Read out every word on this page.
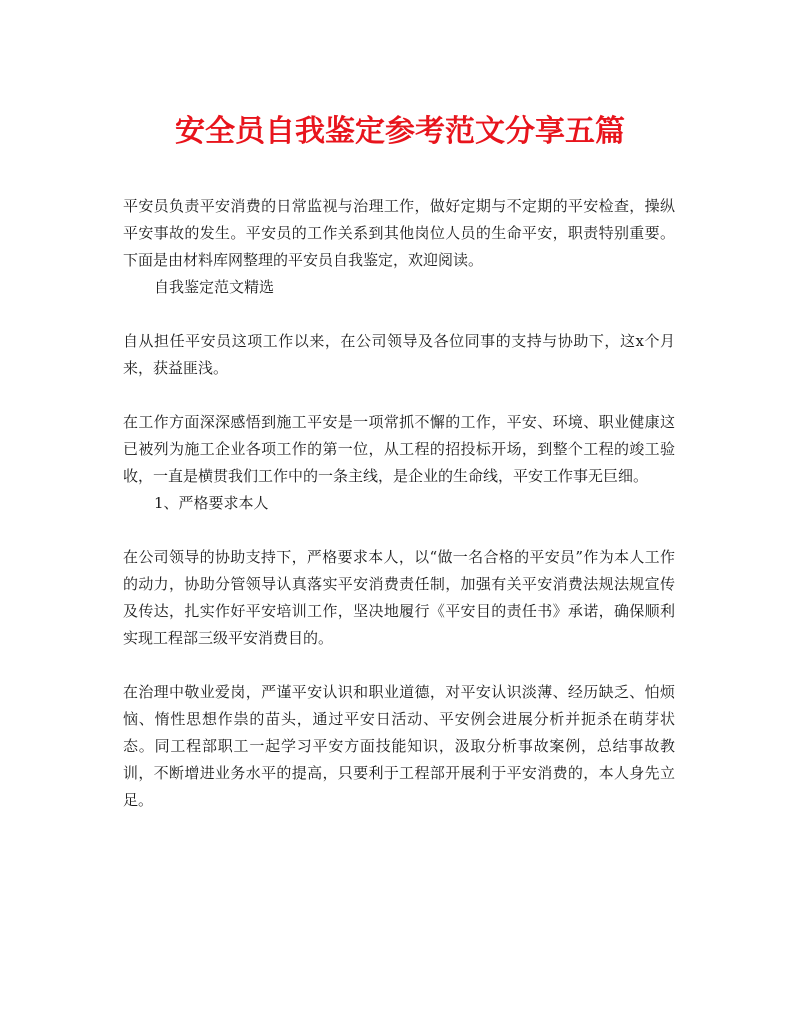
安全员自我鉴定参考范文分享五篇

平安员负责平安消费的日常监视与治理工作，做好定期与不定期的平安检查，操纵平安事故的发生。平安员的工作关系到其他岗位人员的生命平安，职责特别重要。下面是由材料库网整理的平安员自我鉴定，欢迎阅读。

自我鉴定范文精选

自从担任平安员这项工作以来，在公司领导及各位同事的支持与协助下，这x个月来，获益匪浅。

在工作方面深深感悟到施工平安是一项常抓不懈的工作，平安、环境、职业健康这已被列为施工企业各项工作的第一位，从工程的招投标开场，到整个工程的竣工验收，一直是横贯我们工作中的一条主线，是企业的生命线，平安工作事无巨细。

1、严格要求本人

在公司领导的协助支持下，严格要求本人，以“做一名合格的平安员”作为本人工作的动力，协助分管领导认真落实平安消费责任制，加强有关平安消费法规法规宣传及传达，扎实作好平安培训工作，坚决地履行《平安目的责任书》承诺，确保顺利实现工程部三级平安消费目的。

在治理中敬业爱岗，严谨平安认识和职业道德，对平安认识淡薄、经历缺乏、怕烦恼、惰性思想作祟的苗头，通过平安日活动、平安例会进展分析并扼杀在萌芽状态。同工程部职工一起学习平安方面技能知识，汲取分析事故案例，总结事故教训，不断增进业务水平的提高，只要利于工程部开展利于平安消费的，本人身先立足。
